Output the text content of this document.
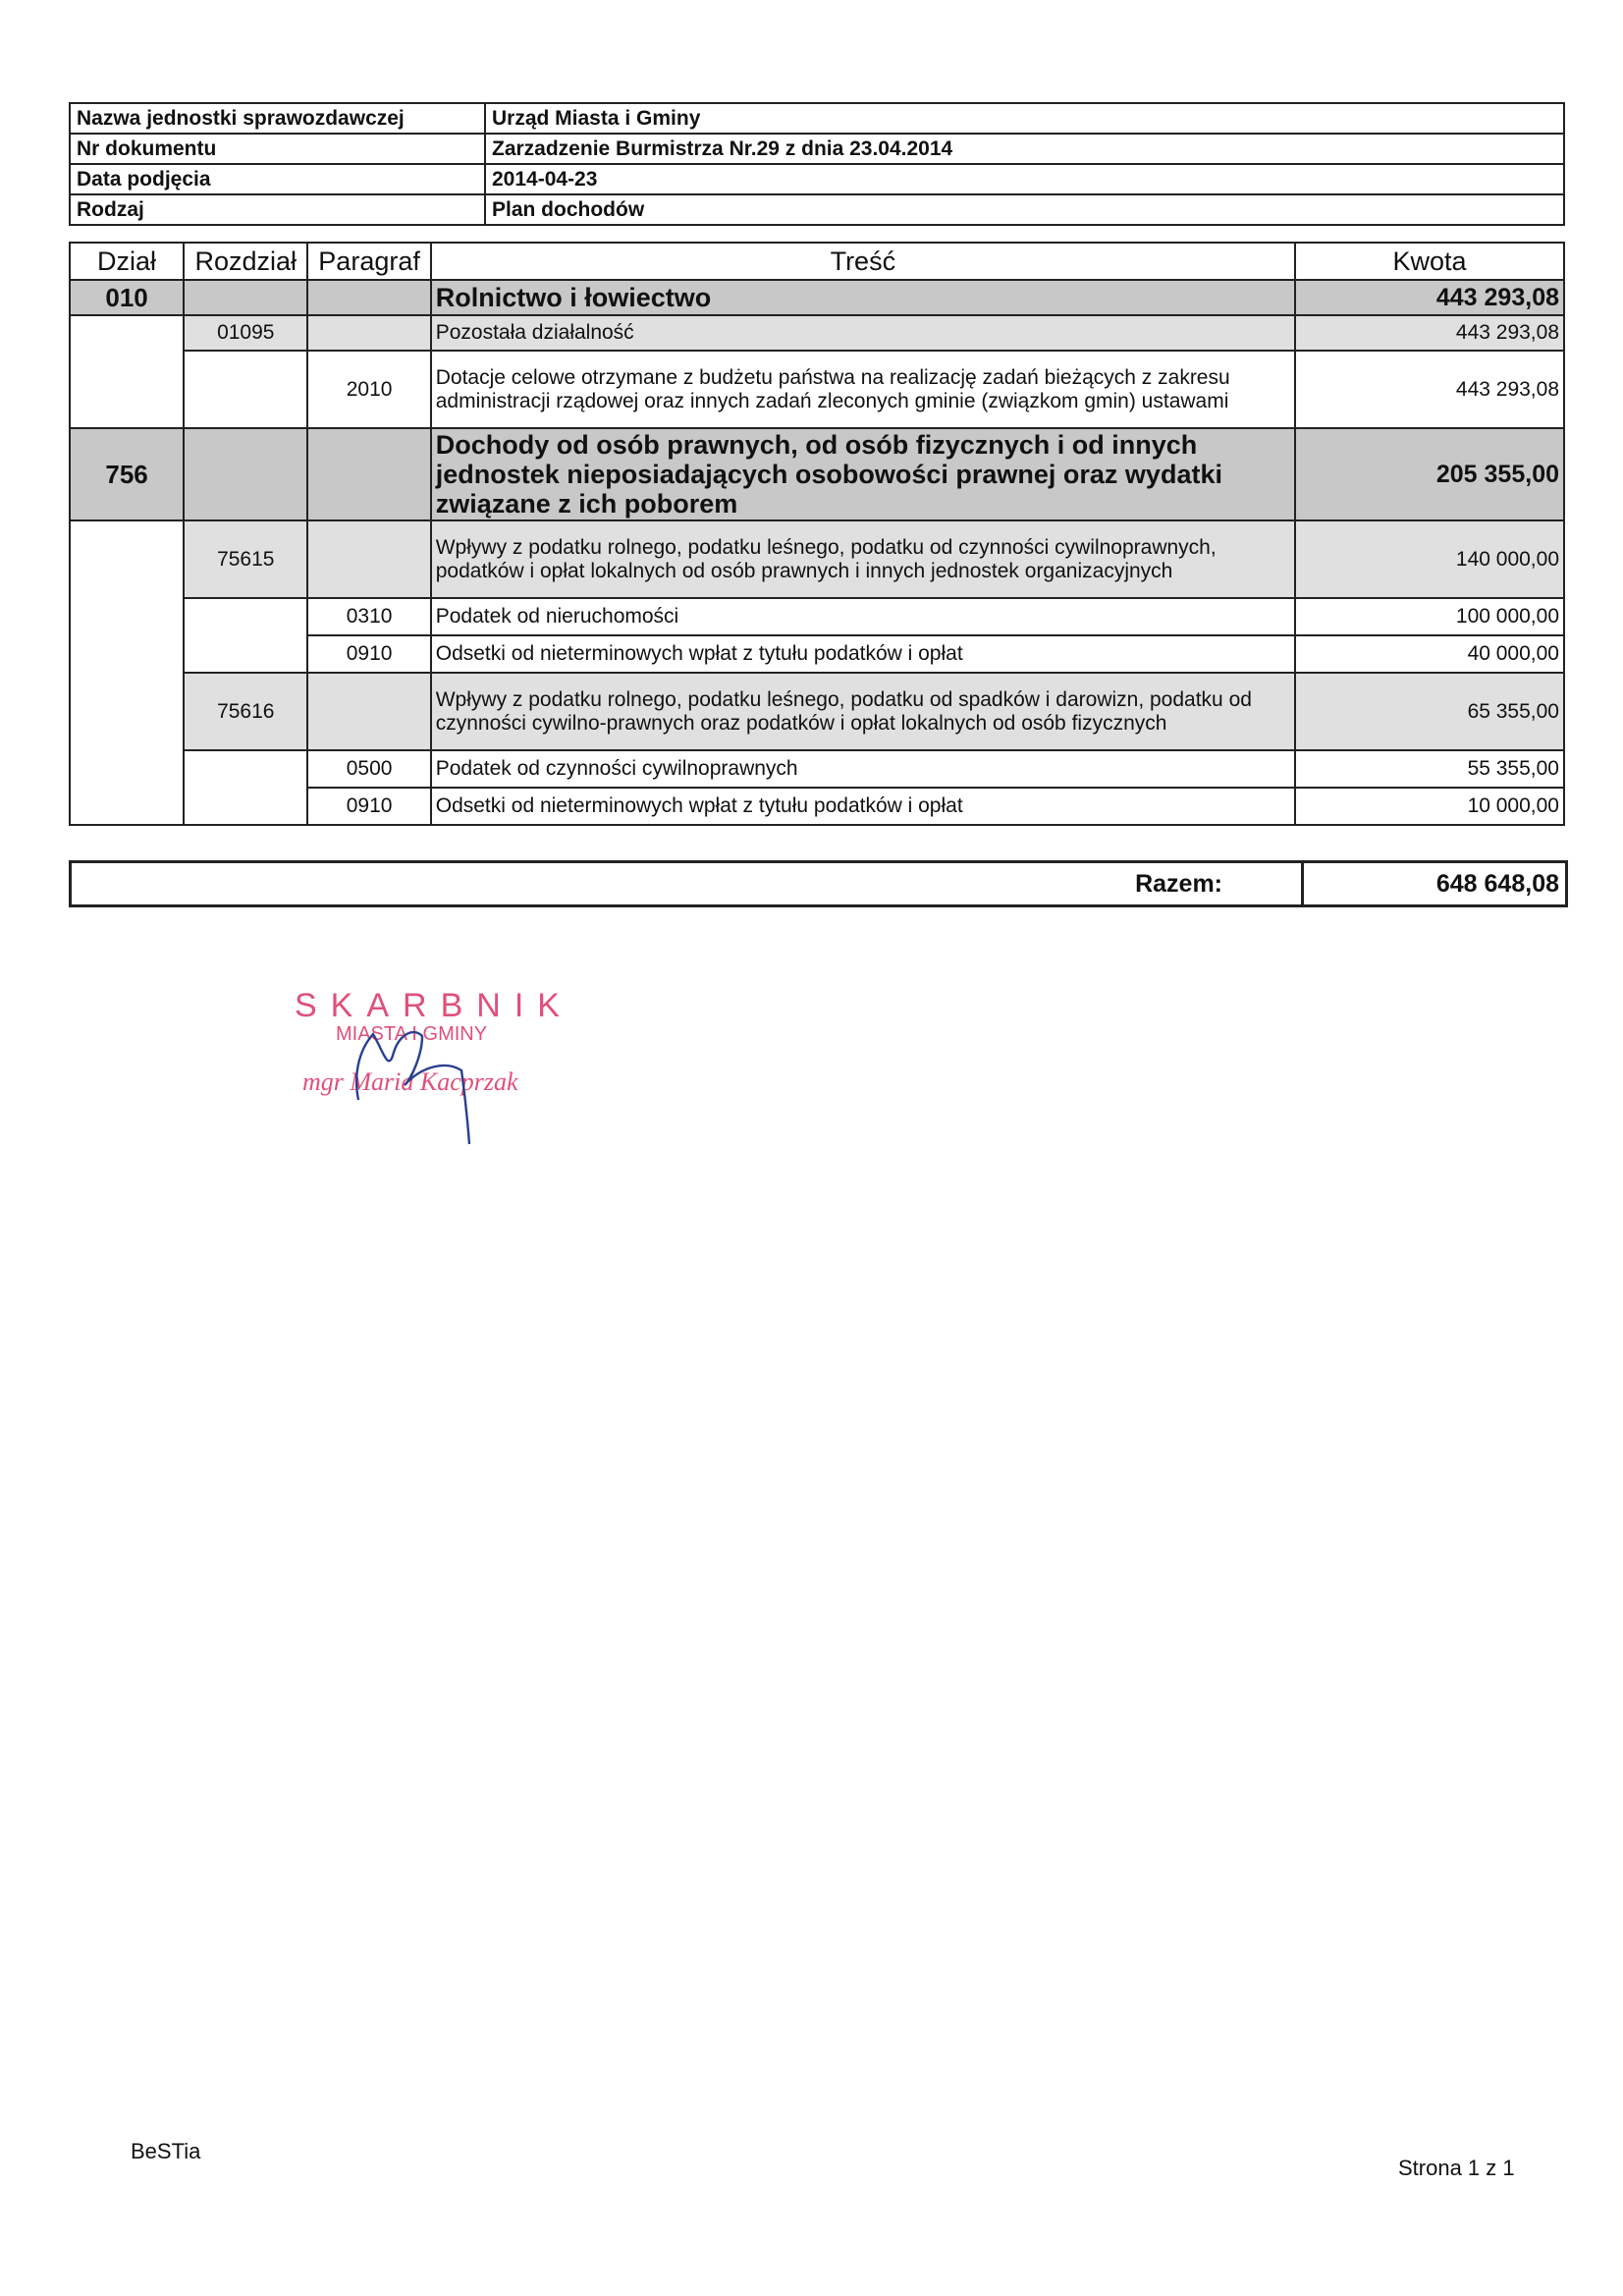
Nazwa jednostki sprawozdawczej	Urząd Miasta i Gminy
Nr dokumentu	Zarzadzenie Burmistrza Nr.29 z dnia 23.04.2014
Data podjęcia	2014-04-23
Rodzaj	Plan dochodów
Dział	Rozdział	Paragraf	Treść	Kwota
010			Rolnictwo i łowiectwo	443 293,08
	01095		Pozostała działalność	443 293,08
		2010	Dotacje celowe otrzymane z budżetu państwa na realizację zadań bieżących z zakresu administracji rządowej oraz innych zadań zleconych gminie (związkom gmin) ustawami	443 293,08
756			Dochody od osób prawnych, od osób fizycznych i od innych jednostek nieposiadających osobowości prawnej oraz wydatki związane z ich poborem	205 355,00
	75615		Wpływy z podatku rolnego, podatku leśnego, podatku od czynności cywilnoprawnych, podatków i opłat lokalnych od osób prawnych i innych jednostek organizacyjnych	140 000,00
		0310	Podatek od nieruchomości	100 000,00
		0910	Odsetki od nieterminowych wpłat z tytułu podatków i opłat	40 000,00
	75616		Wpływy z podatku rolnego, podatku leśnego, podatku od spadków i darowizn, podatku od czynności cywilno-prawnych oraz podatków i opłat lokalnych od osób fizycznych	65 355,00
		0500	Podatek od czynności cywilnoprawnych	55 355,00
		0910	Odsetki od nieterminowych wpłat z tytułu podatków i opłat	10 000,00
Razem:	648 648,08
SKARBNIK
MIASTA I GMINY
mgr Maria Kacprzak
BeSTia
Strona 1 z 1
